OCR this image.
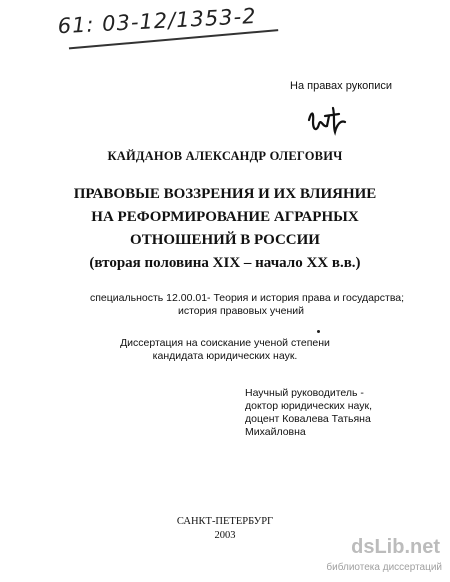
61: 03-12/1353-2
На правах рукописи
КАЙДАНОВ АЛЕКСАНДР ОЛЕГОВИЧ
ПРАВОВЫЕ ВОЗЗРЕНИЯ И ИХ ВЛИЯНИЕ
НА РЕФОРМИРОВАНИЕ АГРАРНЫХ
ОТНОШЕНИЙ В РОССИИ
(вторая половина XIX – начало XX в.в.)
специальность 12.00.01- Теория и история права и государства;
история правовых учений
Диссертация на соискание ученой степени
кандидата юридических наук.
Научный руководитель -
доктор юридических наук,
доцент Ковалева Татьяна
Михайловна
САНКТ-ПЕТЕРБУРГ
2003
dsLib.net
библиотека диссертаций
